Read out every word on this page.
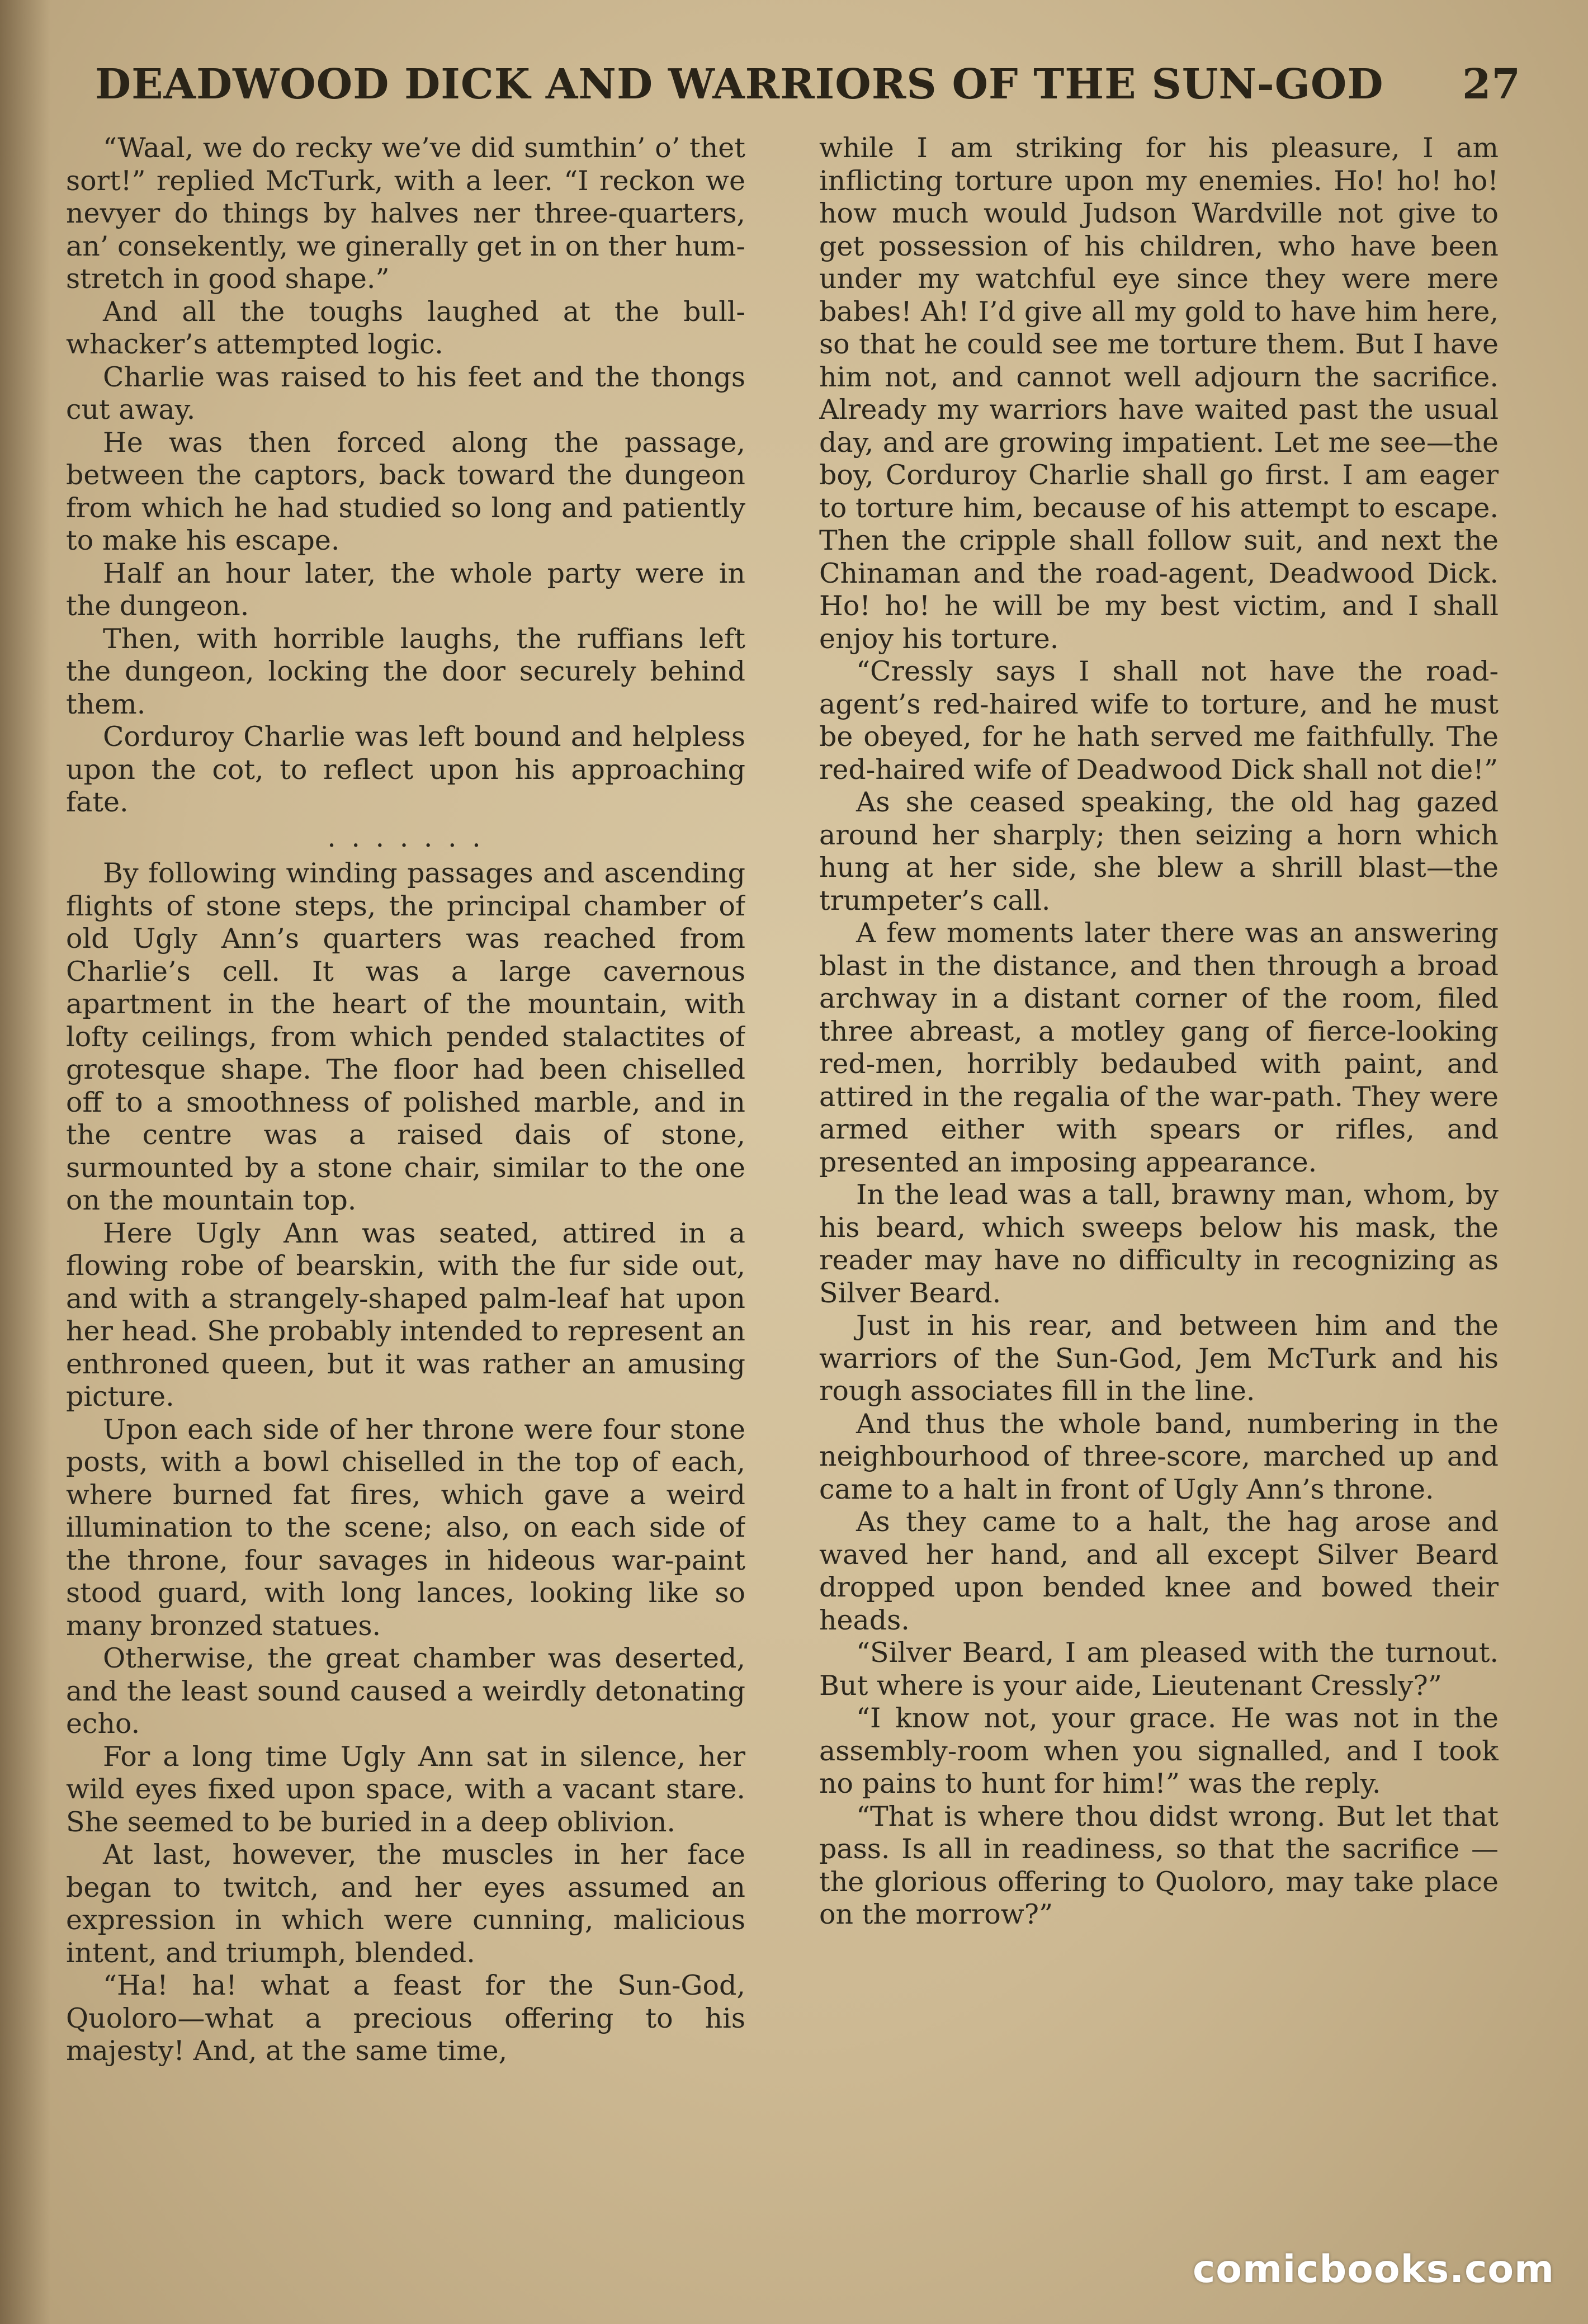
DEADWOOD DICK AND WARRIORS OF THE SUN-GOD 27

“Waal, we do recky we’ve did sumthin’ o’ thet sort!” replied McTurk, with a leer. “I reckon we nevyer do things by halves ner three-quarters, an’ consekently, we ginerally get in on ther hum-stretch in good shape.”

And all the toughs laughed at the bull-whacker’s attempted logic.

Charlie was raised to his feet and the thongs cut away.

He was then forced along the passage, between the captors, back toward the dungeon from which he had studied so long and patiently to make his escape.

Half an hour later, the whole party were in the dungeon.

Then, with horrible laughs, the ruffians left the dungeon, locking the door securely behind them.

Corduroy Charlie was left bound and helpless upon the cot, to reflect upon his approaching fate.

. . . . . . .

By following winding passages and ascending flights of stone steps, the principal chamber of old Ugly Ann’s quarters was reached from Charlie’s cell. It was a large cavernous apartment in the heart of the mountain, with lofty ceilings, from which pended stalactites of grotesque shape. The floor had been chiselled off to a smoothness of polished marble, and in the centre was a raised dais of stone, surmounted by a stone chair, similar to the one on the mountain top.

Here Ugly Ann was seated, attired in a flowing robe of bearskin, with the fur side out, and with a strangely-shaped palm-leaf hat upon her head. She probably intended to represent an enthroned queen, but it was rather an amusing picture.

Upon each side of her throne were four stone posts, with a bowl chiselled in the top of each, where burned fat fires, which gave a weird illumination to the scene; also, on each side of the throne, four savages in hideous war-paint stood guard, with long lances, looking like so many bronzed statues.

Otherwise, the great chamber was deserted, and the least sound caused a weirdly detonating echo.

For a long time Ugly Ann sat in silence, her wild eyes fixed upon space, with a vacant stare. She seemed to be buried in a deep oblivion.

At last, however, the muscles in her face began to twitch, and her eyes assumed an expression in which were cunning, malicious intent, and triumph, blended.

“Ha! ha! what a feast for the Sun-God, Quoloro—what a precious offering to his majesty! And, at the same time,

while I am striking for his pleasure, I am inflicting torture upon my enemies. Ho! ho! ho! how much would Judson Wardville not give to get possession of his children, who have been under my watchful eye since they were mere babes! Ah! I’d give all my gold to have him here, so that he could see me torture them. But I have him not, and cannot well adjourn the sacrifice. Already my warriors have waited past the usual day, and are growing impatient. Let me see—the boy, Corduroy Charlie shall go first. I am eager to torture him, because of his attempt to escape. Then the cripple shall follow suit, and next the Chinaman and the road-agent, Deadwood Dick. Ho! ho! he will be my best victim, and I shall enjoy his torture.

“Cressly says I shall not have the road-agent’s red-haired wife to torture, and he must be obeyed, for he hath served me faithfully. The red-haired wife of Deadwood Dick shall not die!”

As she ceased speaking, the old hag gazed around her sharply; then seizing a horn which hung at her side, she blew a shrill blast—the trumpeter’s call.

A few moments later there was an answering blast in the distance, and then through a broad archway in a distant corner of the room, filed three abreast, a motley gang of fierce-looking red-men, horribly bedaubed with paint, and attired in the regalia of the war-path. They were armed either with spears or rifles, and presented an imposing appearance.

In the lead was a tall, brawny man, whom, by his beard, which sweeps below his mask, the reader may have no difficulty in recognizing as Silver Beard.

Just in his rear, and between him and the warriors of the Sun-God, Jem McTurk and his rough associates fill in the line.

And thus the whole band, numbering in the neighbourhood of three-score, marched up and came to a halt in front of Ugly Ann’s throne.

As they came to a halt, the hag arose and waved her hand, and all except Silver Beard dropped upon bended knee and bowed their heads.

“Silver Beard, I am pleased with the turnout. But where is your aide, Lieutenant Cressly?”

“I know not, your grace. He was not in the assembly-room when you signalled, and I took no pains to hunt for him!” was the reply.

“That is where thou didst wrong. But let that pass. Is all in readiness, so that the sacrifice — the glorious offering to Quoloro, may take place on the morrow?”

comicbooks.com
